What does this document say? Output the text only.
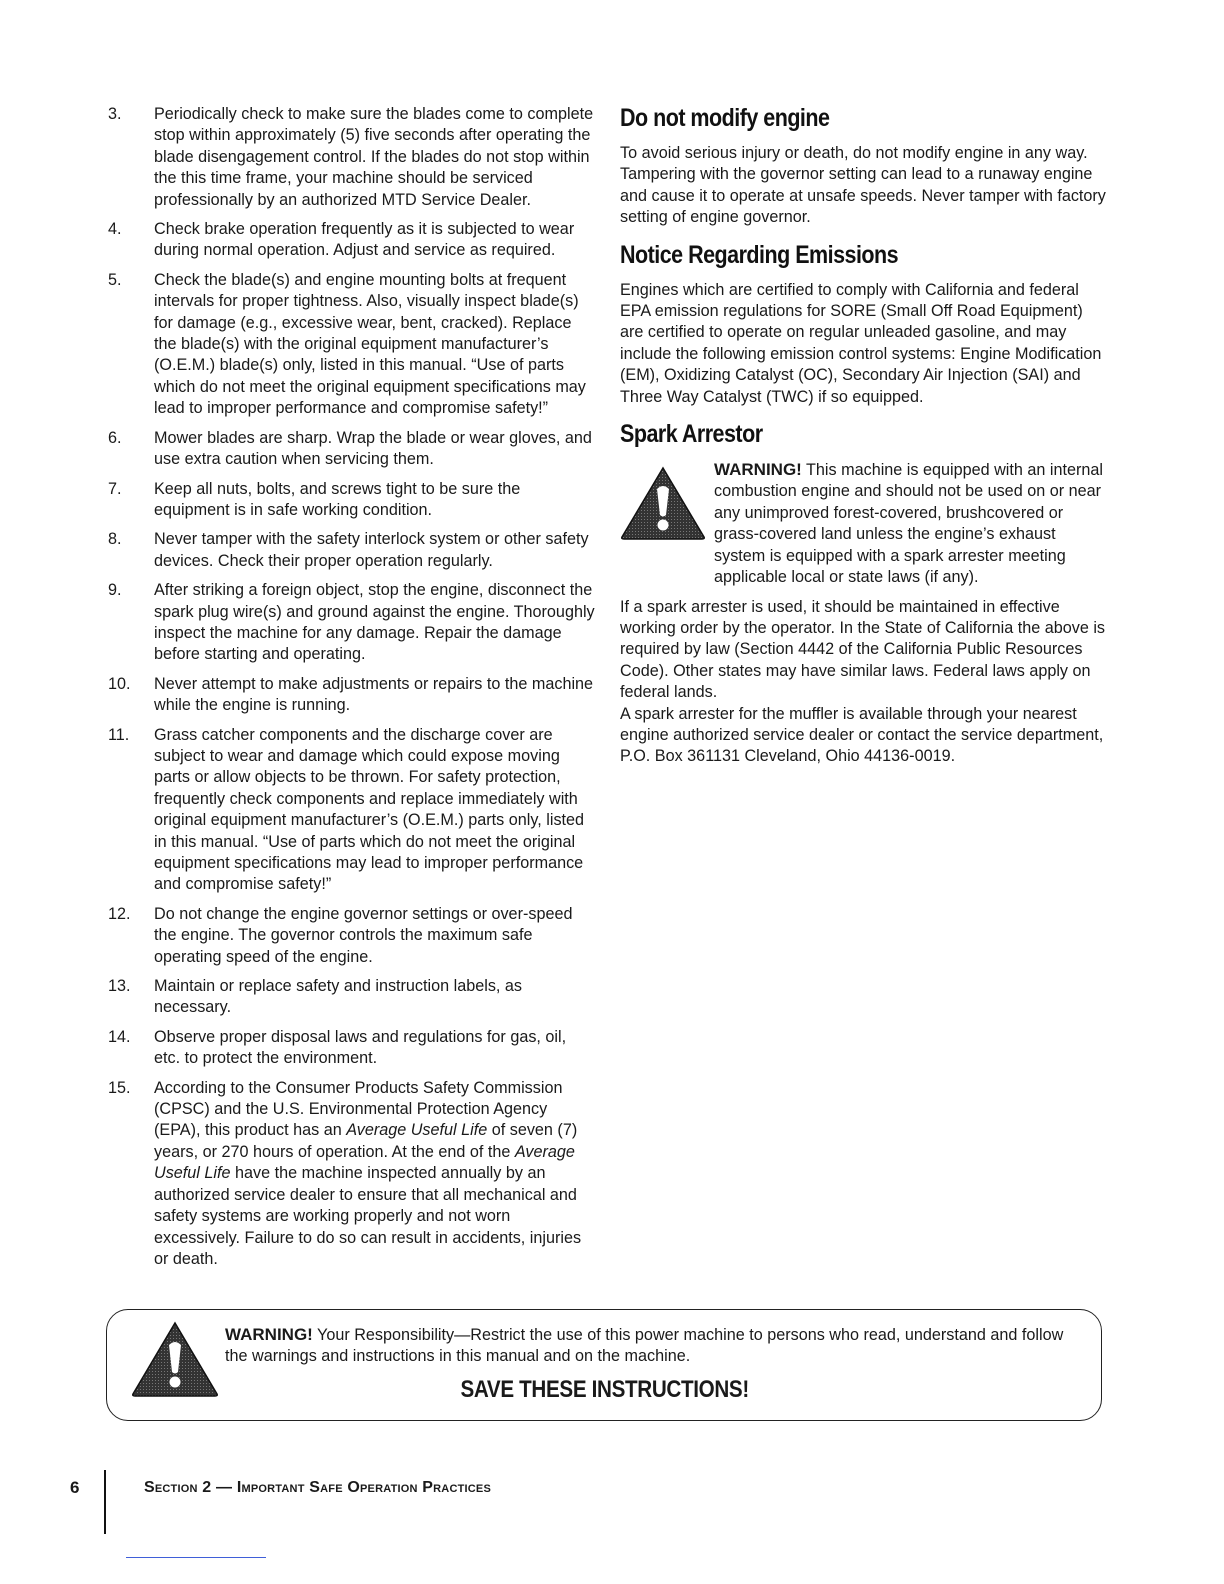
3.	Periodically check to make sure the blades come to complete stop within approximately (5) five seconds after operating the blade disengagement control. If the blades do not stop within the this time frame, your machine should be serviced professionally by an authorized MTD Service Dealer.
4.	Check brake operation frequently as it is subjected to wear during normal operation. Adjust and service as required.
5.	Check the blade(s) and engine mounting bolts at frequent intervals for proper tightness. Also, visually inspect blade(s) for damage (e.g., excessive wear, bent, cracked). Replace the blade(s) with the original equipment manufacturer’s (O.E.M.) blade(s) only, listed in this manual. “Use of parts which do not meet the original equipment specifications may lead to improper performance and compromise safety!”
6.	Mower blades are sharp. Wrap the blade or wear gloves, and use extra caution when servicing them.
7.	Keep all nuts, bolts, and screws tight to be sure the equipment is in safe working condition.
8.	Never tamper with the safety interlock system or other safety devices. Check their proper operation regularly.
9.	After striking a foreign object, stop the engine, disconnect the spark plug wire(s) and ground against the engine. Thoroughly inspect the machine for any damage. Repair the damage before starting and operating.
10.	Never attempt to make adjustments or repairs to the machine while the engine is running.
11.	Grass catcher components and the discharge cover are subject to wear and damage which could expose moving parts or allow objects to be thrown. For safety protection, frequently check components and replace immediately with original equipment manufacturer’s (O.E.M.) parts only, listed in this manual. “Use of parts which do not meet the original equipment specifications may lead to improper performance and compromise safety!”
12.	Do not change the engine governor settings or over-speed the engine. The governor controls the maximum safe operating speed of the engine.
13.	Maintain or replace safety and instruction labels, as necessary.
14.	Observe proper disposal laws and regulations for gas, oil, etc. to protect the environment.
15.	According to the Consumer Products Safety Commission (CPSC) and the U.S. Environmental Protection Agency (EPA), this product has an Average Useful Life of seven (7) years, or 270 hours of operation. At the end of the Average Useful Life have the machine inspected annually by an authorized service dealer to ensure that all mechanical and safety systems are working properly and not worn excessively. Failure to do so can result in accidents, injuries or death.
Do not modify engine

To avoid serious injury or death, do not modify engine in any way. Tampering with the governor setting can lead to a runaway engine and cause it to operate at unsafe speeds. Never tamper with factory setting of engine governor.

Notice Regarding Emissions

Engines which are certified to comply with California and federal EPA emission regulations for SORE (Small Off Road Equipment) are certified to operate on regular unleaded gasoline, and may include the following emission control systems: Engine Modification (EM), Oxidizing Catalyst (OC), Secondary Air Injection (SAI) and Three Way Catalyst (TWC) if so equipped.

Spark Arrestor
WARNING! This machine is equipped with an internal combustion engine and should not be used on or near any unimproved forest-covered, brushcovered or grass-covered land unless the engine’s exhaust system is equipped with a spark arrester meeting applicable local or state laws (if any).

If a spark arrester is used, it should be maintained in effective working order by the operator. In the State of California the above is required by law (Section 4442 of the California Public Resources Code). Other states may have similar laws. Federal laws apply on federal lands.

A spark arrester for the muffler is available through your nearest engine authorized service dealer or contact the service department, P.O. Box 361131 Cleveland, Ohio 44136-0019.

WARNING! Your Responsibility—Restrict the use of this power machine to persons who read, understand and follow the warnings and instructions in this manual and on the machine.
SAVE THESE INSTRUCTIONS!
6	Section 2 — Important Safe Operation Practices
